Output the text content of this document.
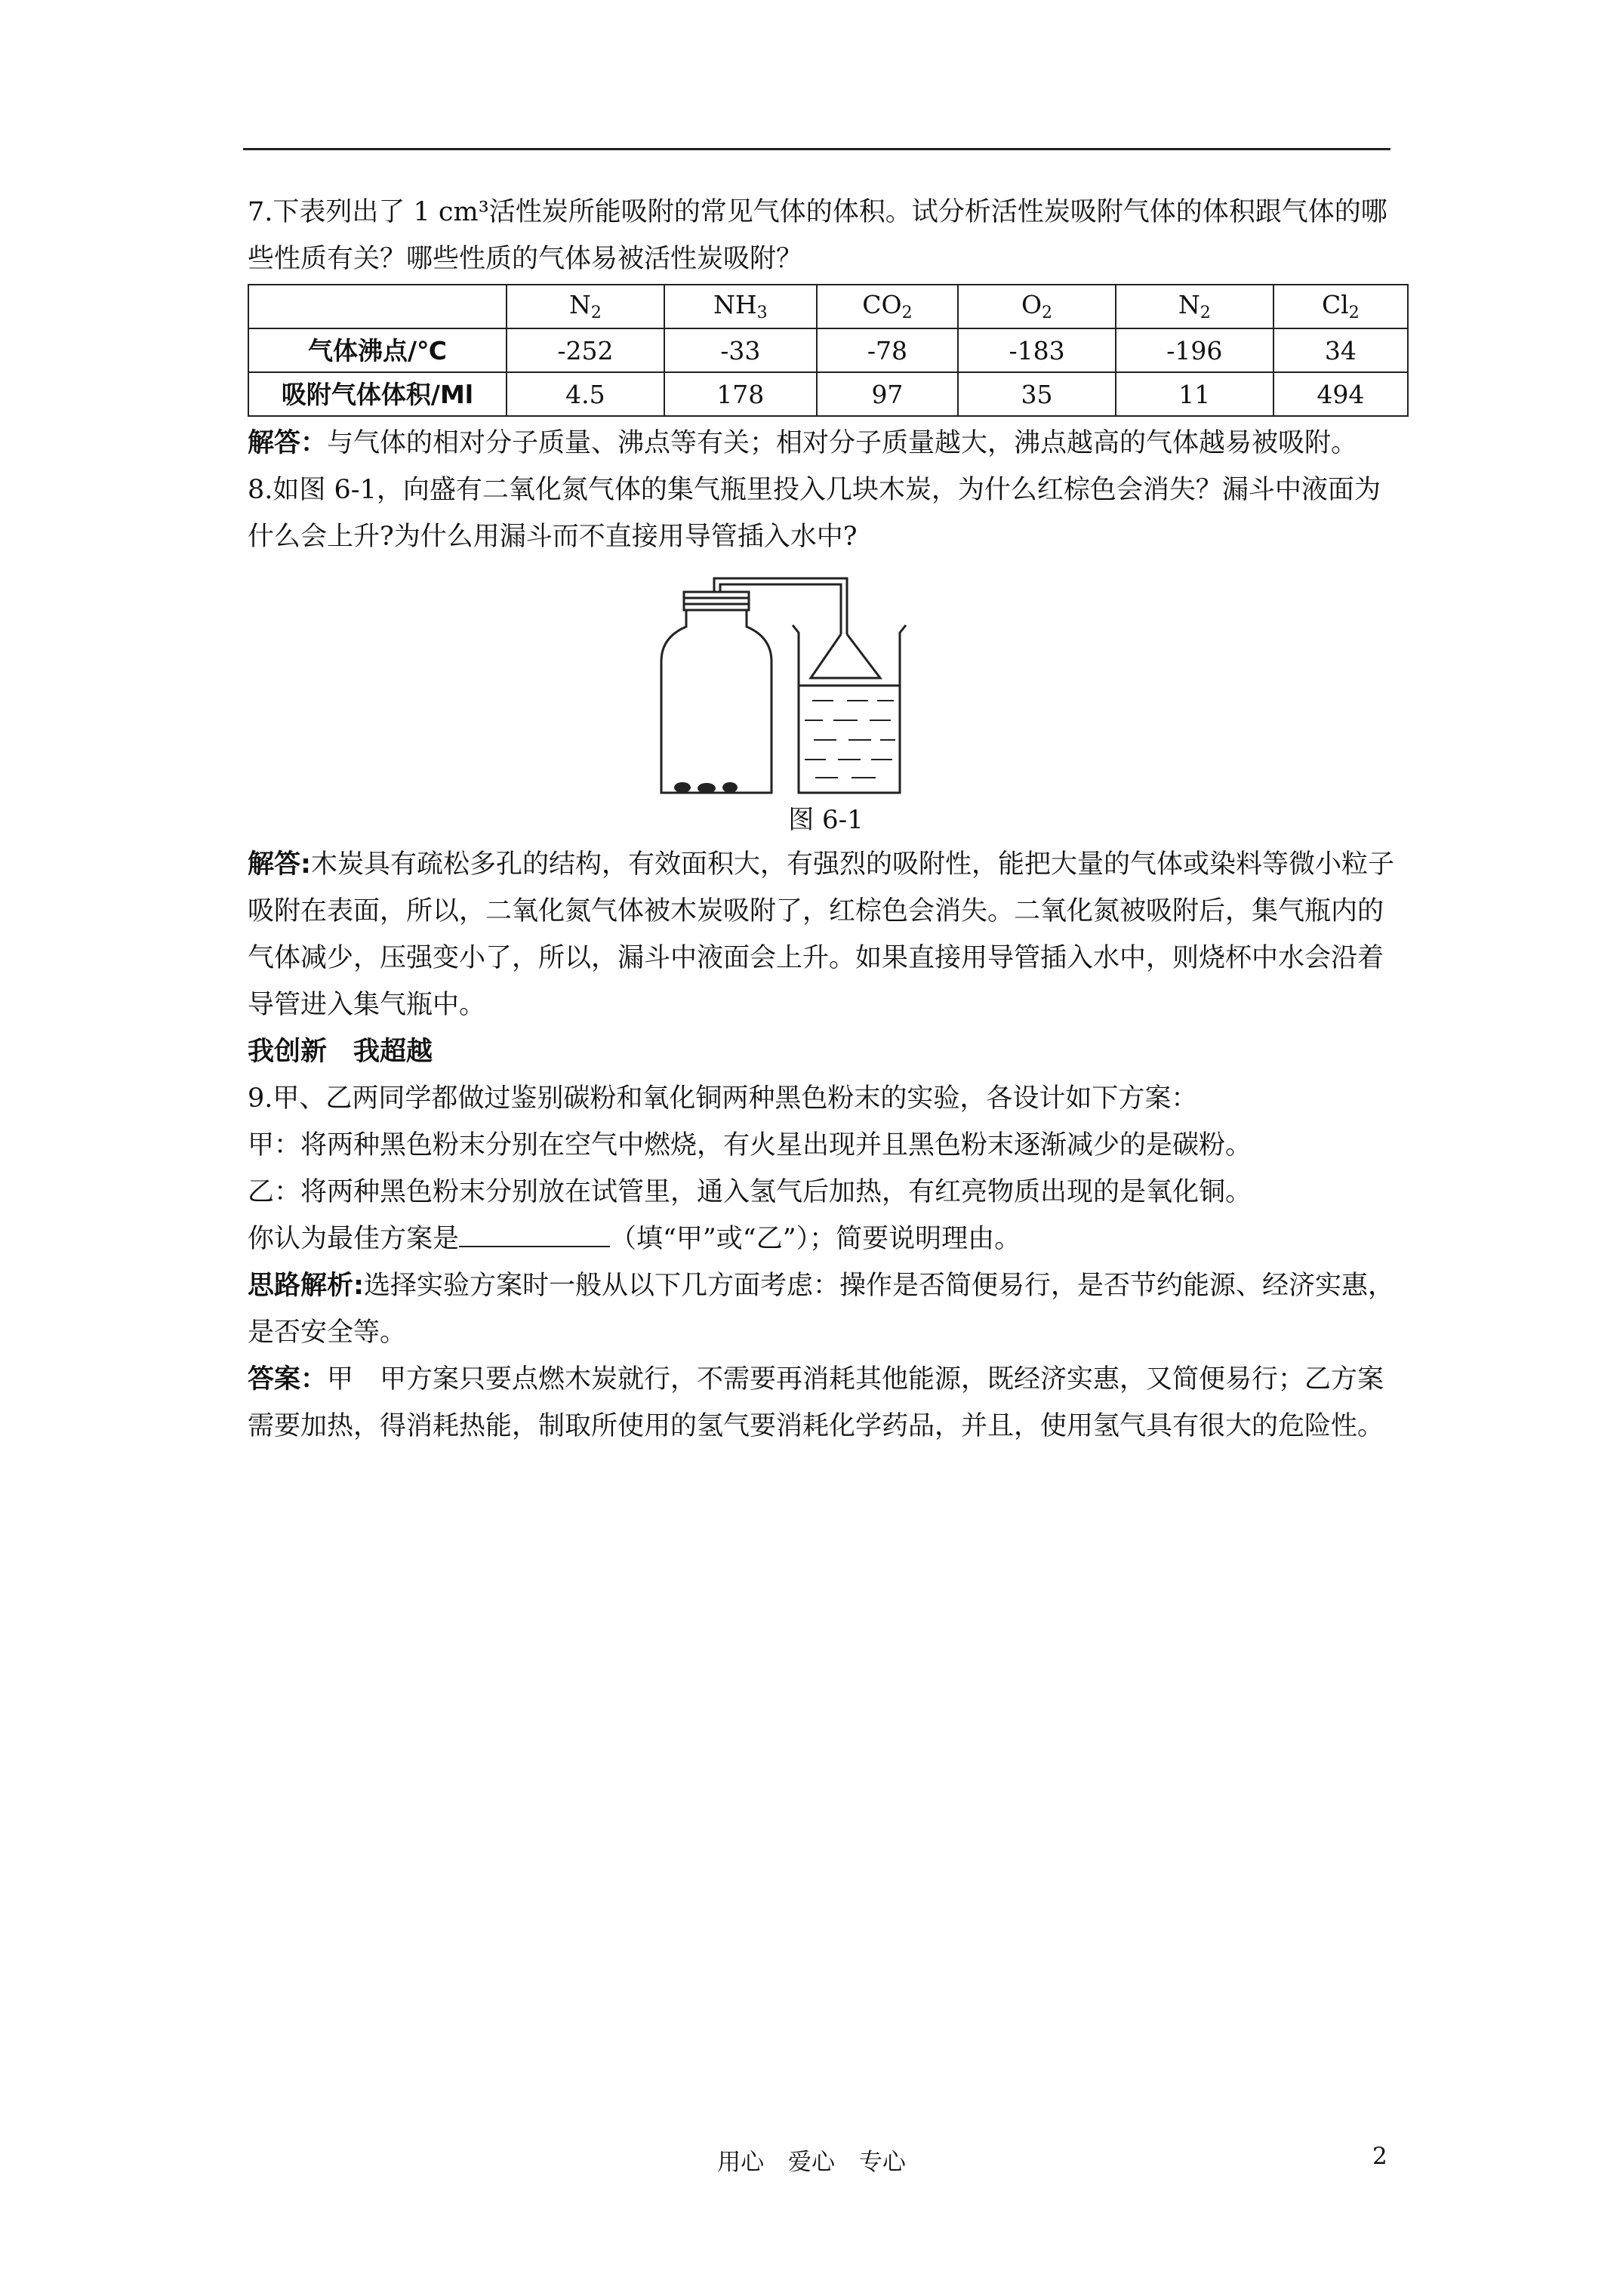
7.下表列出了 1 cm³活性炭所能吸附的常见气体的体积。试分析活性炭吸附气体的体积跟气体的哪些性质有关？哪些性质的气体易被活性炭吸附？

	$N_2$	$NH_3$	$CO_2$	$O_2$	$N_2$	$Cl_2$
气体沸点/℃	-252	-33	-78	-183	-196	34
吸附气体体积/Ml	4.5	178	97	35	11	494

解答：与气体的相对分子质量、沸点等有关；相对分子质量越大，沸点越高的气体越易被吸附。

8.如图 6-1，向盛有二氧化氮气体的集气瓶里投入几块木炭，为什么红棕色会消失？漏斗中液面为什么会上升?为什么用漏斗而不直接用导管插入水中?

图 6-1

解答:木炭具有疏松多孔的结构，有效面积大，有强烈的吸附性，能把大量的气体或染料等微小粒子吸附在表面，所以，二氧化氮气体被木炭吸附了，红棕色会消失。二氧化氮被吸附后，集气瓶内的气体减少，压强变小了，所以，漏斗中液面会上升。如果直接用导管插入水中，则烧杯中水会沿着导管进入集气瓶中。

我创新　我超越

9.甲、乙两同学都做过鉴别碳粉和氧化铜两种黑色粉末的实验，各设计如下方案：

甲：将两种黑色粉末分别在空气中燃烧，有火星出现并且黑色粉末逐渐减少的是碳粉。

乙：将两种黑色粉末分别放在试管里，通入氢气后加热，有红亮物质出现的是氧化铜。

你认为最佳方案是	（填“甲”或“乙”）；简要说明理由。

思路解析:选择实验方案时一般从以下几方面考虑：操作是否简便易行，是否节约能源、经济实惠，是否安全等。

答案：甲　甲方案只要点燃木炭就行，不需要再消耗其他能源，既经济实惠，又简便易行；乙方案需要加热，得消耗热能，制取所使用的氢气要消耗化学药品，并且，使用氢气具有很大的危险性。

用心 爱心 专心	2
